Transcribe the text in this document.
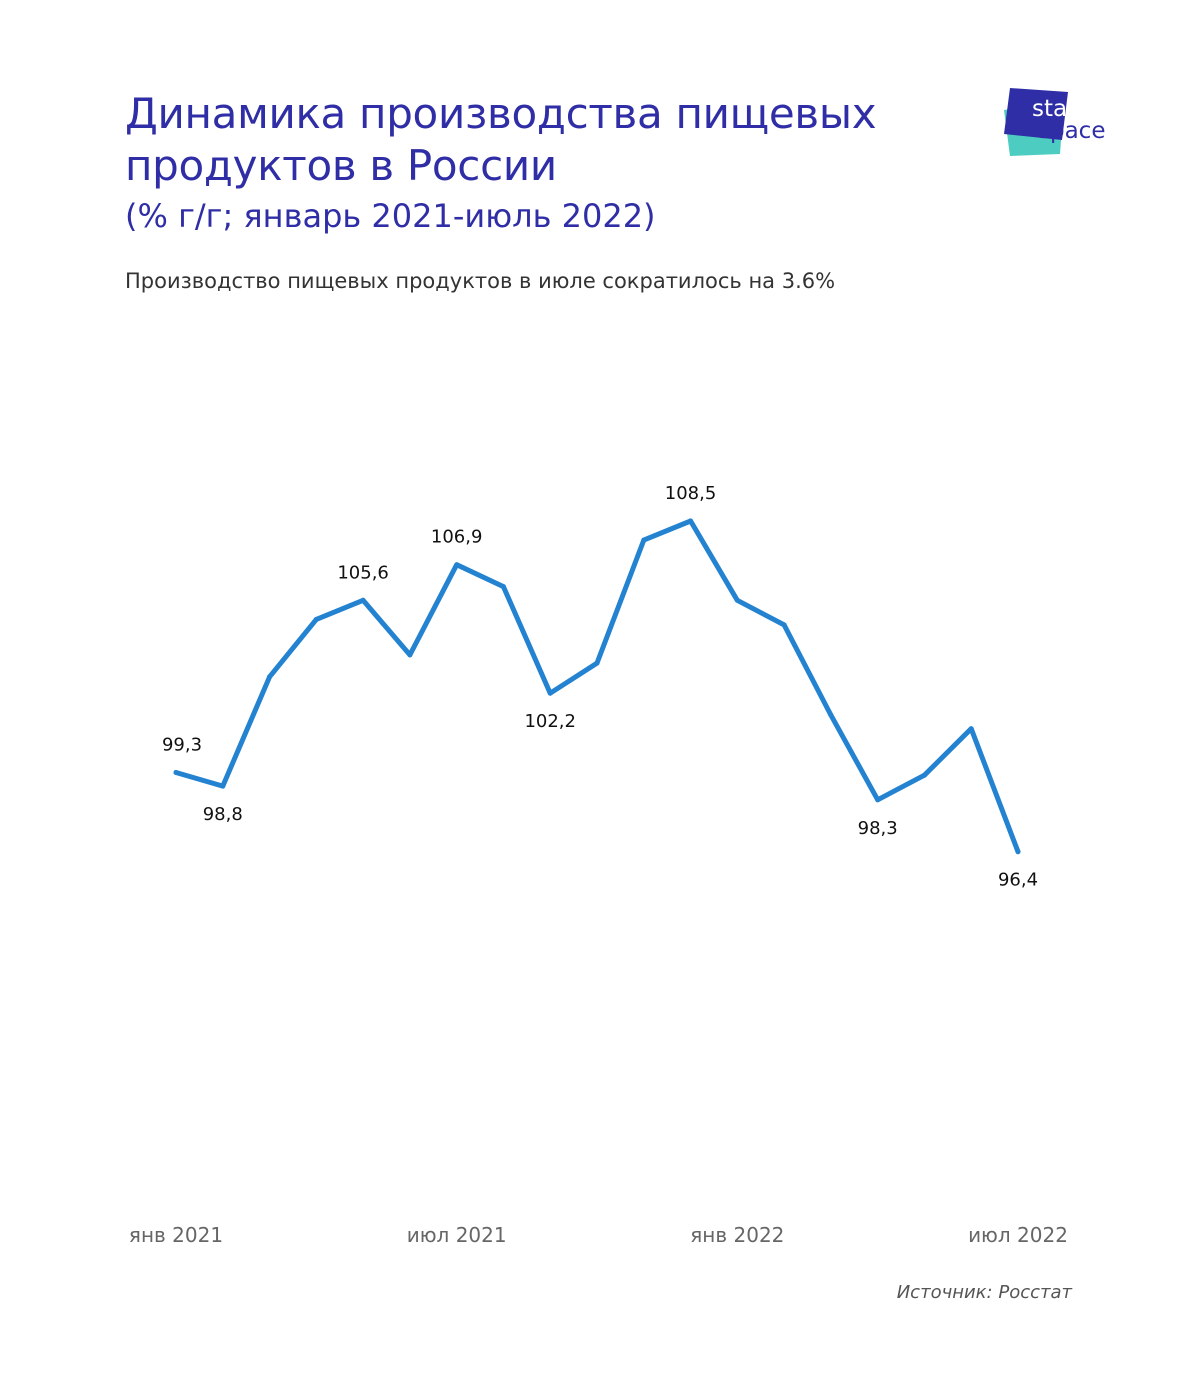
Динамика производства пищевых продуктов в России
(% г/г; январь 2021-июль 2022)
Производство пищевых продуктов в июле сократилось на 3.6%
stat
space
99,3
98,8
105,6
106,9
102,2
108,5
98,3
96,4
янв 2021	июл 2021	янв 2022	июл 2022
Источник: Росстат
